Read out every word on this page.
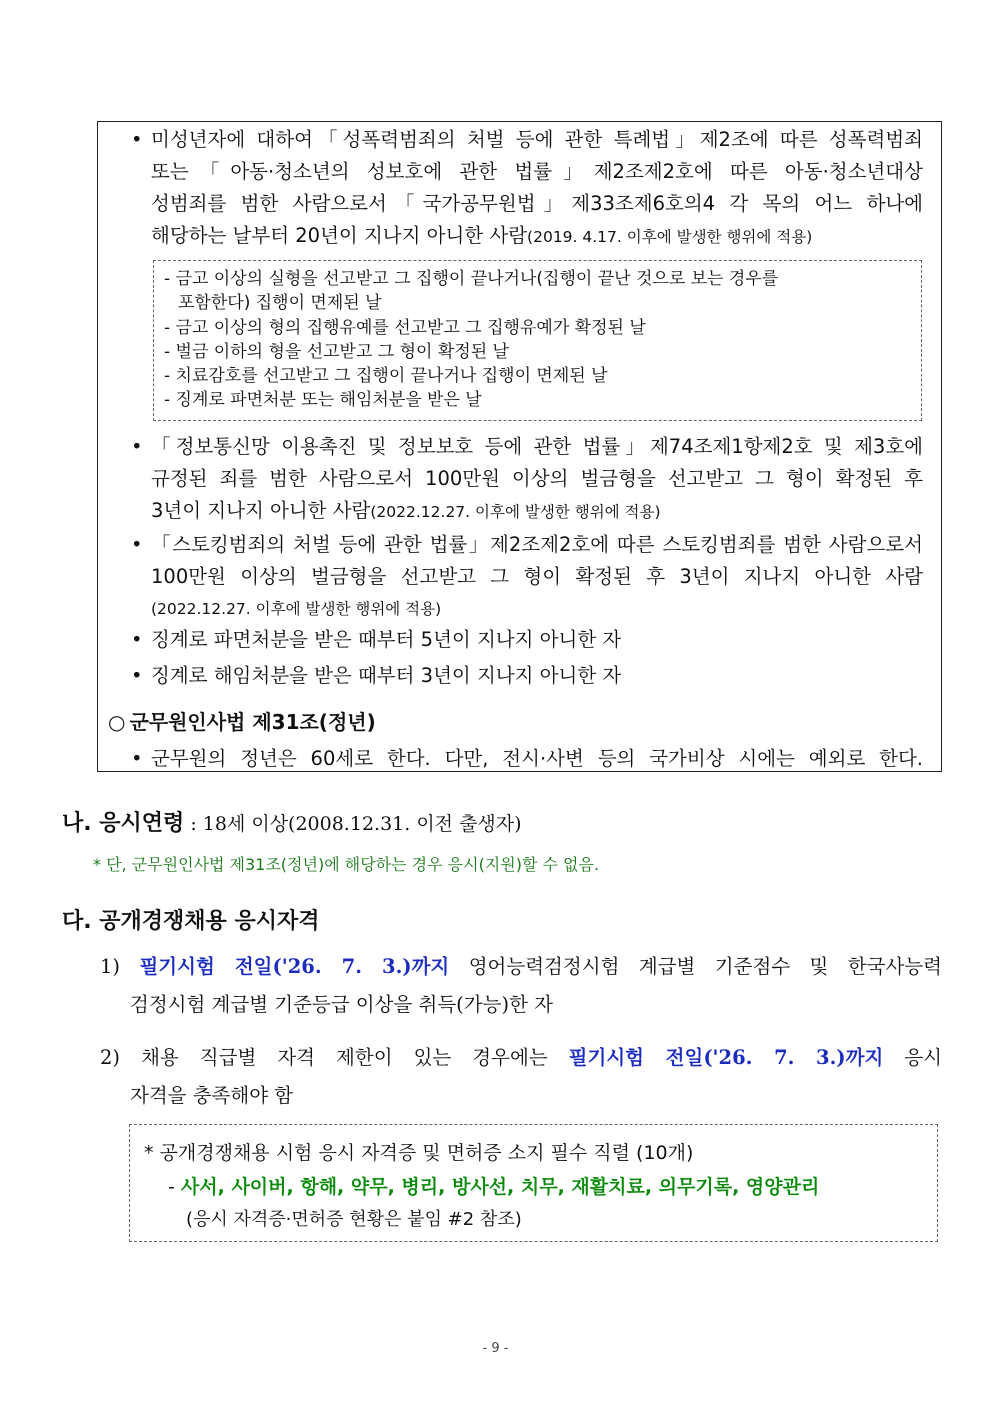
• 미성년자에 대하여「성폭력범죄의 처벌 등에 관한 특례법」제2조에 따른 성폭력범죄
또는「아동·청소년의 성보호에 관한 법률」제2조제2호에 따른 아동·청소년대상
성범죄를 범한 사람으로서「국가공무원법」제33조제6호의4 각 목의 어느 하나에
해당하는 날부터 20년이 지나지 아니한 사람(2019. 4.17. 이후에 발생한 행위에 적용)
- 금고 이상의 실형을 선고받고 그 집행이 끝나거나(집행이 끝난 것으로 보는 경우를
포함한다) 집행이 면제된 날
- 금고 이상의 형의 집행유예를 선고받고 그 집행유예가 확정된 날
- 벌금 이하의 형을 선고받고 그 형이 확정된 날
- 치료감호를 선고받고 그 집행이 끝나거나 집행이 면제된 날
- 징계로 파면처분 또는 해임처분을 받은 날
• 「정보통신망 이용촉진 및 정보보호 등에 관한 법률」제74조제1항제2호 및 제3호에
규정된 죄를 범한 사람으로서 100만원 이상의 벌금형을 선고받고 그 형이 확정된 후
3년이 지나지 아니한 사람(2022.12.27. 이후에 발생한 행위에 적용)
• 「스토킹범죄의 처벌 등에 관한 법률」제2조제2호에 따른 스토킹범죄를 범한 사람으로서
100만원 이상의 벌금형을 선고받고 그 형이 확정된 후 3년이 지나지 아니한 사람
(2022.12.27. 이후에 발생한 행위에 적용)
• 징계로 파면처분을 받은 때부터 5년이 지나지 아니한 자
• 징계로 해임처분을 받은 때부터 3년이 지나지 아니한 자
○ 군무원인사법 제31조(정년)
• 군무원의 정년은 60세로 한다. 다만, 전시·사변 등의 국가비상 시에는 예외로 한다.
나. 응시연령 : 18세 이상(2008.12.31. 이전 출생자)
* 단, 군무원인사법 제31조(정년)에 해당하는 경우 응시(지원)할 수 없음.
다. 공개경쟁채용 응시자격
1) 필기시험 전일('26. 7. 3.)까지 영어능력검정시험 계급별 기준점수 및 한국사능력
검정시험 계급별 기준등급 이상을 취득(가능)한 자
2) 채용 직급별 자격 제한이 있는 경우에는 필기시험 전일('26. 7. 3.)까지 응시
자격을 충족해야 함
* 공개경쟁채용 시험 응시 자격증 및 면허증 소지 필수 직렬 (10개)
- 사서, 사이버, 항해, 약무, 병리, 방사선, 치무, 재활치료, 의무기록, 영양관리
(응시 자격증·면허증 현황은 붙임 #2 참조)
- 9 -
